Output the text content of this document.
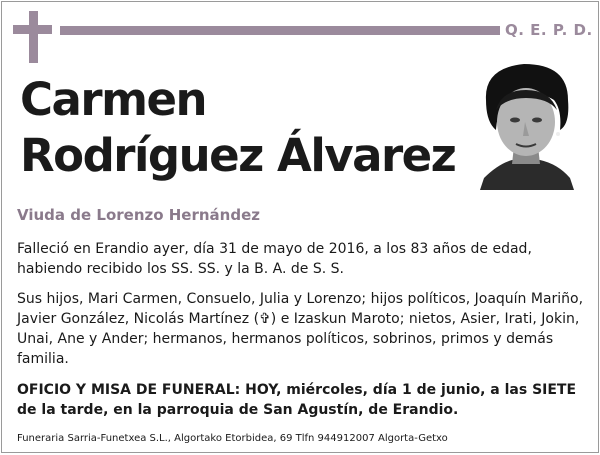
Q. E. P. D.
Carmen
Rodríguez Álvarez
Viuda de Lorenzo Hernández
Falleció en Erandio ayer, día 31 de mayo de 2016, a los 83 años de edad, habiendo recibido los SS. SS. y la B. A. de S. S.
Sus hijos, Mari Carmen, Consuelo, Julia y Lorenzo; hijos políticos, Joaquín Mariño, Javier González, Nicolás Martínez (✞) e Izaskun Maroto; nietos, Asier, Irati, Jokin, Unai, Ane y Ander; hermanos, hermanos políticos, sobrinos, primos y demás familia.
OFICIO Y MISA DE FUNERAL: HOY, miércoles, día 1 de junio, a las SIETE de la tarde, en la parroquia de San Agustín, de Erandio.
Funeraria Sarria-Funetxea S.L., Algortako Etorbidea, 69 Tlfn 944912007 Algorta-Getxo
